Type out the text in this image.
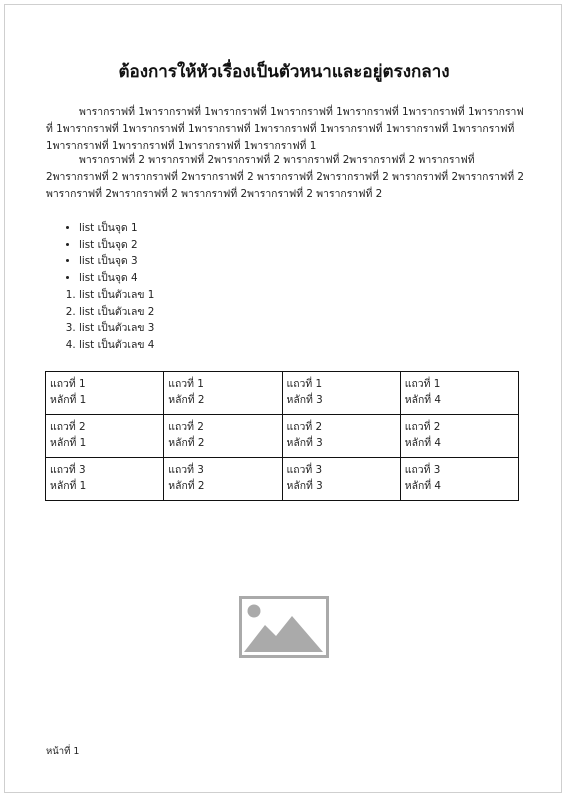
ต้องการให้หัวเรื่องเป็นตัวหนาและอยู่ตรงกลาง

พารากราฟที่ 1พารากราฟที่ 1พารากราฟที่ 1พารากราฟที่ 1พารากราฟที่ 1พารากราฟที่ 1พารากราฟที่ 1พารากราฟที่ 1พารากราฟที่ 1พารากราฟที่ 1พารากราฟที่ 1พารากราฟที่ 1พารากราฟที่ 1พารากราฟที่ 1พารากราฟที่ 1พารากราฟที่ 1พารากราฟที่ 1พารากราฟที่ 1

พารากราฟที่ 2 พารากราฟที่ 2พารากราฟที่ 2 พารากราฟที่ 2พารากราฟที่ 2 พารากราฟที่ 2พารากราฟที่ 2 พารากราฟที่ 2พารากราฟที่ 2 พารากราฟที่ 2พารากราฟที่ 2 พารากราฟที่ 2พารากราฟที่ 2 พารากราฟที่ 2พารากราฟที่ 2 พารากราฟที่ 2พารากราฟที่ 2 พารากราฟที่ 2

• list เป็นจุด 1
• list เป็นจุด 2
• list เป็นจุด 3
• list เป็นจุด 4
1. list เป็นตัวเลข 1
2. list เป็นตัวเลข 2
3. list เป็นตัวเลข 3
4. list เป็นตัวเลข 4
แถวที่ 1
หลักที่ 1	แถวที่ 1
หลักที่ 2	แถวที่ 1
หลักที่ 3	แถวที่ 1
หลักที่ 4

แถวที่ 2
หลักที่ 1	แถวที่ 2
หลักที่ 2	แถวที่ 2
หลักที่ 3	แถวที่ 2
หลักที่ 4

แถวที่ 3
หลักที่ 1	แถวที่ 3
หลักที่ 2	แถวที่ 3
หลักที่ 3	แถวที่ 3
หลักที่ 4
หน้าที่ 1
